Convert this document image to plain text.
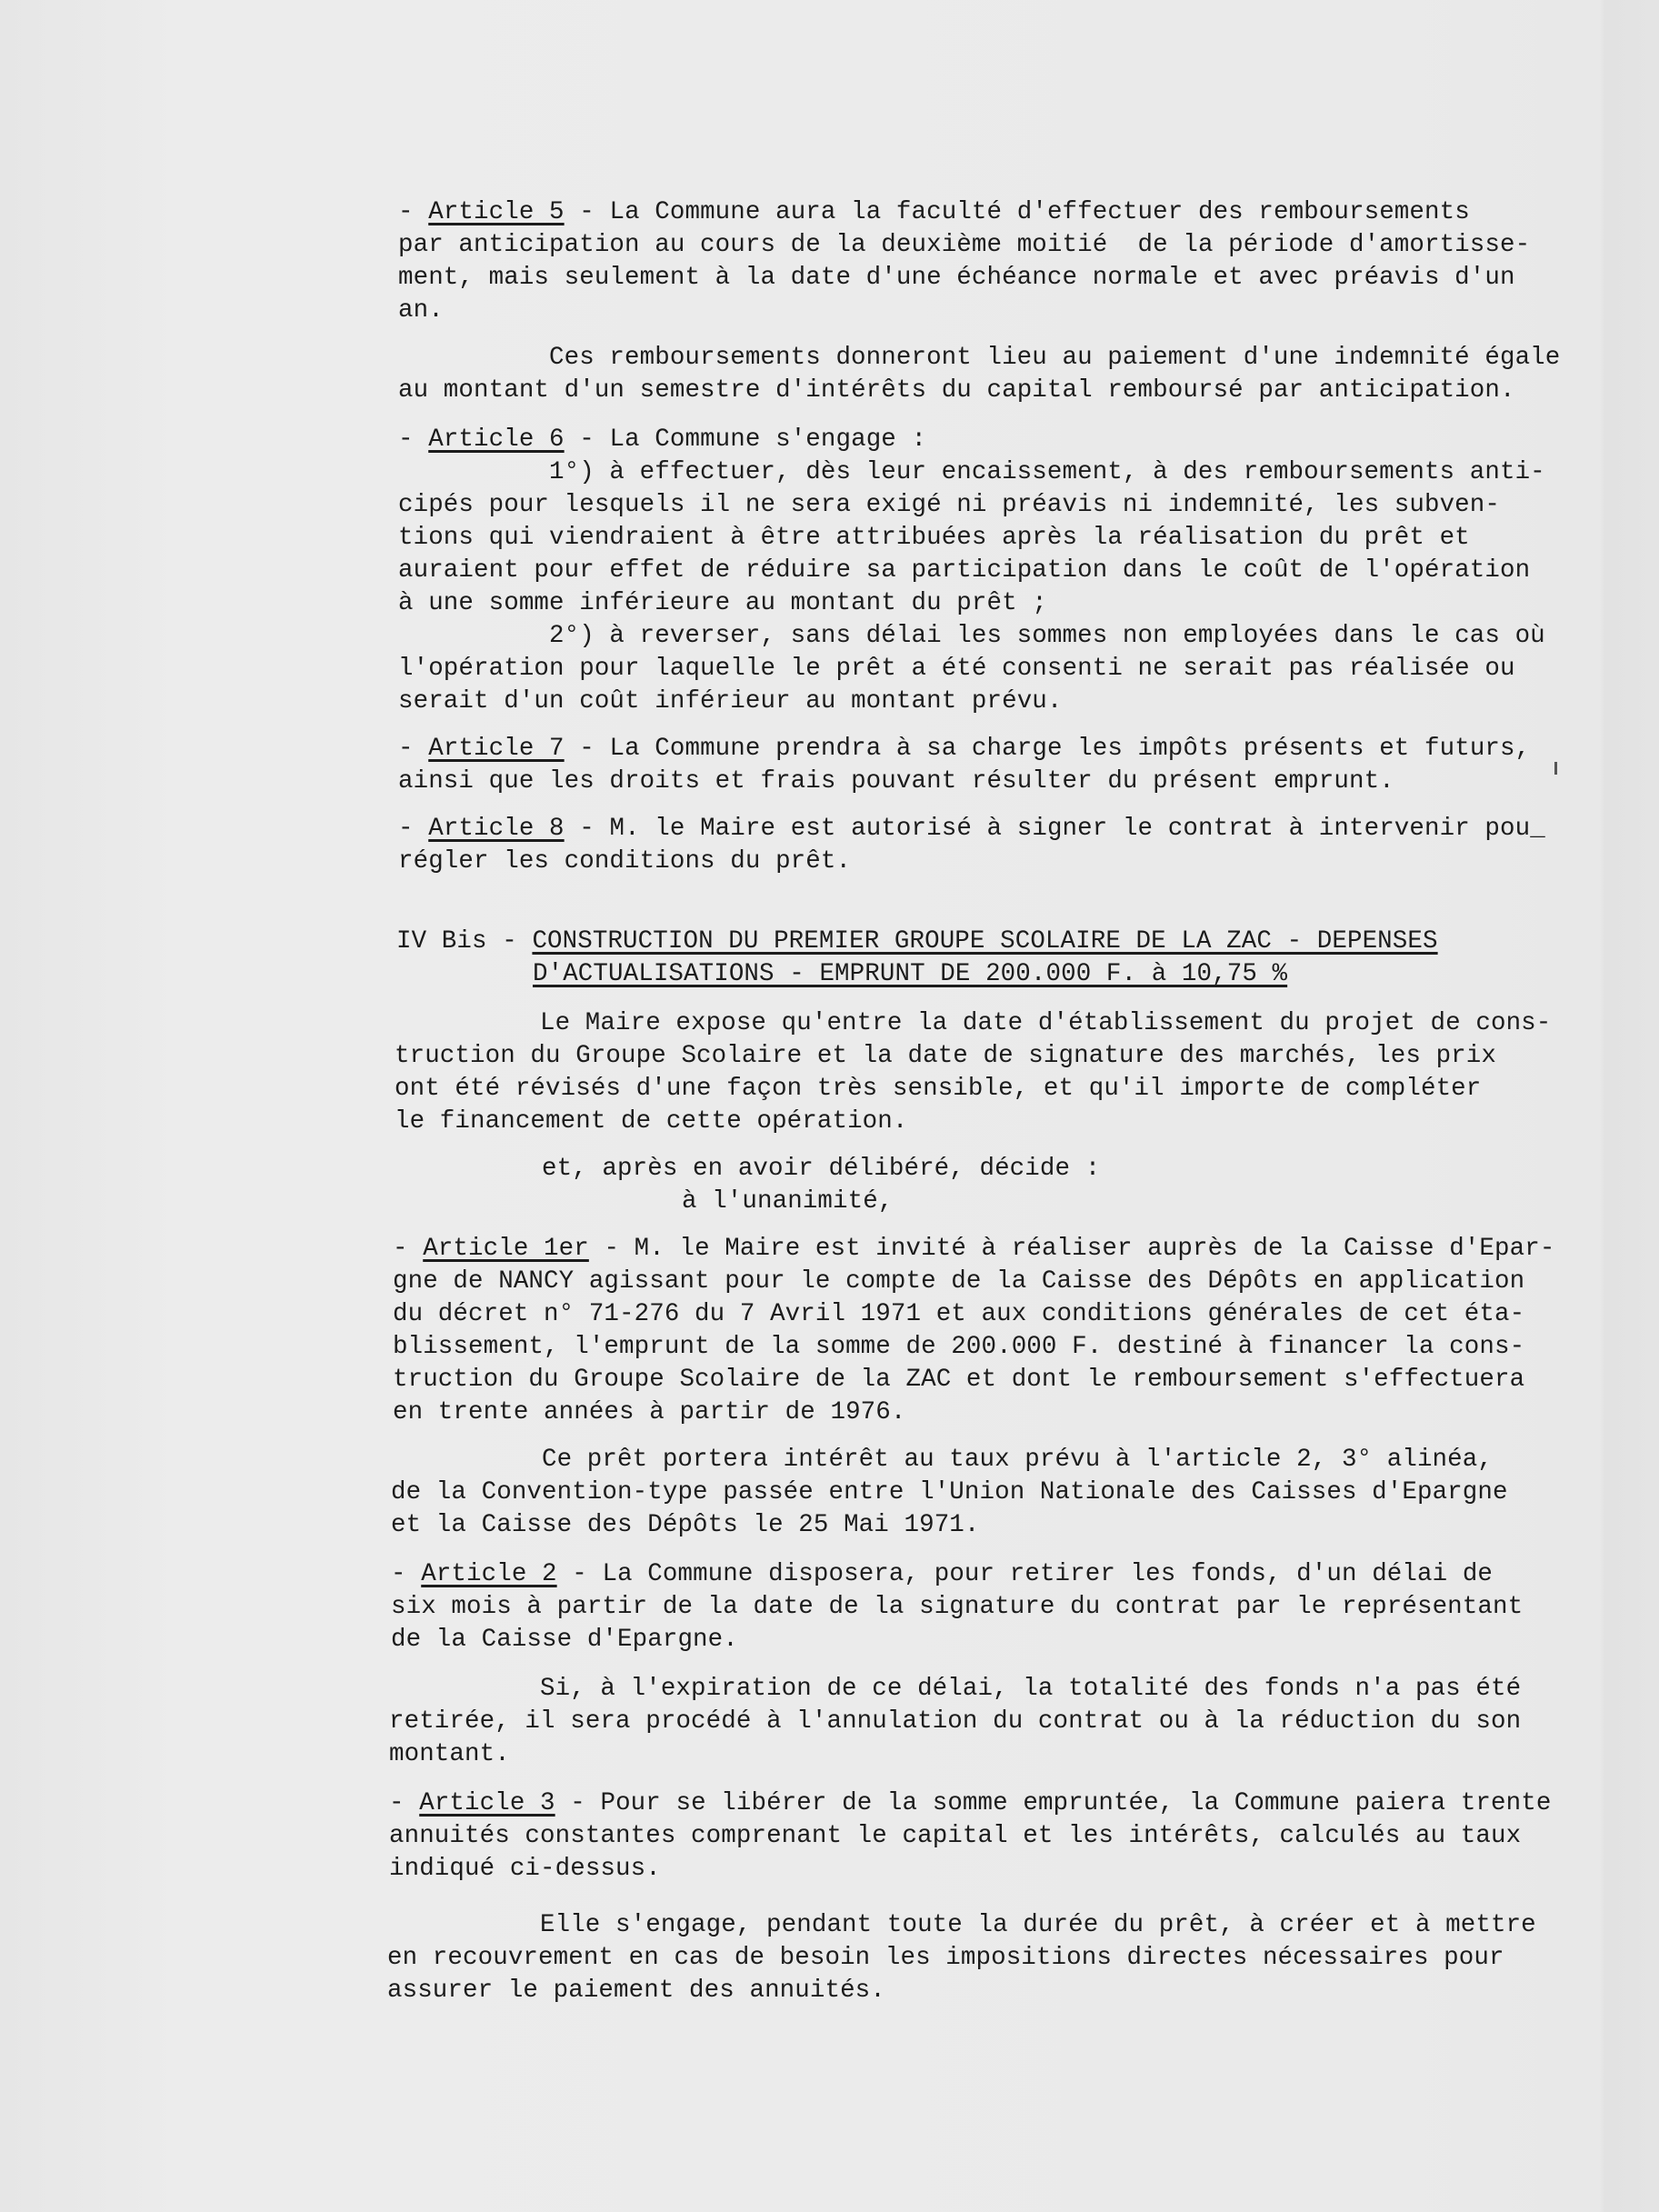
- Article 5 - La Commune aura la faculté d'effectuer des remboursements
par anticipation au cours de la deuxième moitié  de la période d'amortisse-
ment, mais seulement à la date d'une échéance normale et avec préavis d'un
an.
Ces remboursements donneront lieu au paiement d'une indemnité égale
au montant d'un semestre d'intérêts du capital remboursé par anticipation.
- Article 6 - La Commune s'engage :
1°) à effectuer, dès leur encaissement, à des remboursements anti-
cipés pour lesquels il ne sera exigé ni préavis ni indemnité, les subven-
tions qui viendraient à être attribuées après la réalisation du prêt et
auraient pour effet de réduire sa participation dans le coût de l'opération
à une somme inférieure au montant du prêt ;
2°) à reverser, sans délai les sommes non employées dans le cas où
l'opération pour laquelle le prêt a été consenti ne serait pas réalisée ou
serait d'un coût inférieur au montant prévu.
- Article 7 - La Commune prendra à sa charge les impôts présents et futurs,
ainsi que les droits et frais pouvant résulter du présent emprunt.
- Article 8 - M. le Maire est autorisé à signer le contrat à intervenir pou_
régler les conditions du prêt.
IV Bis - CONSTRUCTION DU PREMIER GROUPE SCOLAIRE DE LA ZAC - DEPENSES
D'ACTUALISATIONS - EMPRUNT DE 200.000 F. à 10,75 %
Le Maire expose qu'entre la date d'établissement du projet de cons-
truction du Groupe Scolaire et la date de signature des marchés, les prix
ont été révisés d'une façon très sensible, et qu'il importe de compléter
le financement de cette opération.
et, après en avoir délibéré, décide :
à l'unanimité,
- Article 1er - M. le Maire est invité à réaliser auprès de la Caisse d'Epar-
gne de NANCY agissant pour le compte de la Caisse des Dépôts en application
du décret n° 71-276 du 7 Avril 1971 et aux conditions générales de cet éta-
blissement, l'emprunt de la somme de 200.000 F. destiné à financer la cons-
truction du Groupe Scolaire de la ZAC et dont le remboursement s'effectuera
en trente années à partir de 1976.
Ce prêt portera intérêt au taux prévu à l'article 2, 3° alinéa,
de la Convention-type passée entre l'Union Nationale des Caisses d'Epargne
et la Caisse des Dépôts le 25 Mai 1971.
- Article 2 - La Commune disposera, pour retirer les fonds, d'un délai de
six mois à partir de la date de la signature du contrat par le représentant
de la Caisse d'Epargne.
Si, à l'expiration de ce délai, la totalité des fonds n'a pas été
retirée, il sera procédé à l'annulation du contrat ou à la réduction du son
montant.
- Article 3 - Pour se libérer de la somme empruntée, la Commune paiera trente
annuités constantes comprenant le capital et les intérêts, calculés au taux
indiqué ci-dessus.
Elle s'engage, pendant toute la durée du prêt, à créer et à mettre
en recouvrement en cas de besoin les impositions directes nécessaires pour
assurer le paiement des annuités.
